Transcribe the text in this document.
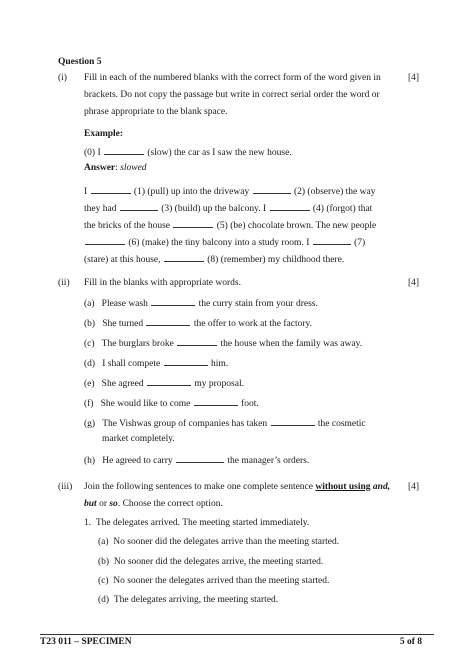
Question 5
(i)	[4]
Fill in each of the numbered blanks with the correct form of the word given in brackets. Do not copy the passage but write in correct serial order the word or phrase appropriate to the blank space.
Example:
(0) I	(slow) the car as I saw the new house.
Answer: slowed
I	(1) (pull) up into the driveway	(2) (observe) the way
they had	(3) (build) up the balcony. I	(4) (forgot) that
the bricks of the house	(5) (be) chocolate brown. The new people
(6) (make) the tiny balcony into a study room. I	(7)
(stare) at this house,	(8) (remember) my childhood there.
(ii)	[4]
Fill in the blanks with appropriate words.
(a) Please wash	the curry stain from your dress.
(b) She turned	the offer to work at the factory.
(c) The burglars broke	the house when the family was away.
(d) I shall compete	him.
(e) She agreed	my proposal.
(f) She would like to come	foot.
(g) The Vishwas group of companies has taken	the cosmetic
market completely.
(h) He agreed to carry	the manager’s orders.
(iii)	[4]
Join the following sentences to make one complete sentence without using and, but or so. Choose the correct option.
1. The delegates arrived. The meeting started immediately.
(a) No sooner did the delegates arrive than the meeting started.
(b) No sooner did the delegates arrive, the meeting started.
(c) No sooner the delegates arrived than the meeting started.
(d) The delegates arriving, the meeting started.
T23 011 – SPECIMEN	5 of 8
